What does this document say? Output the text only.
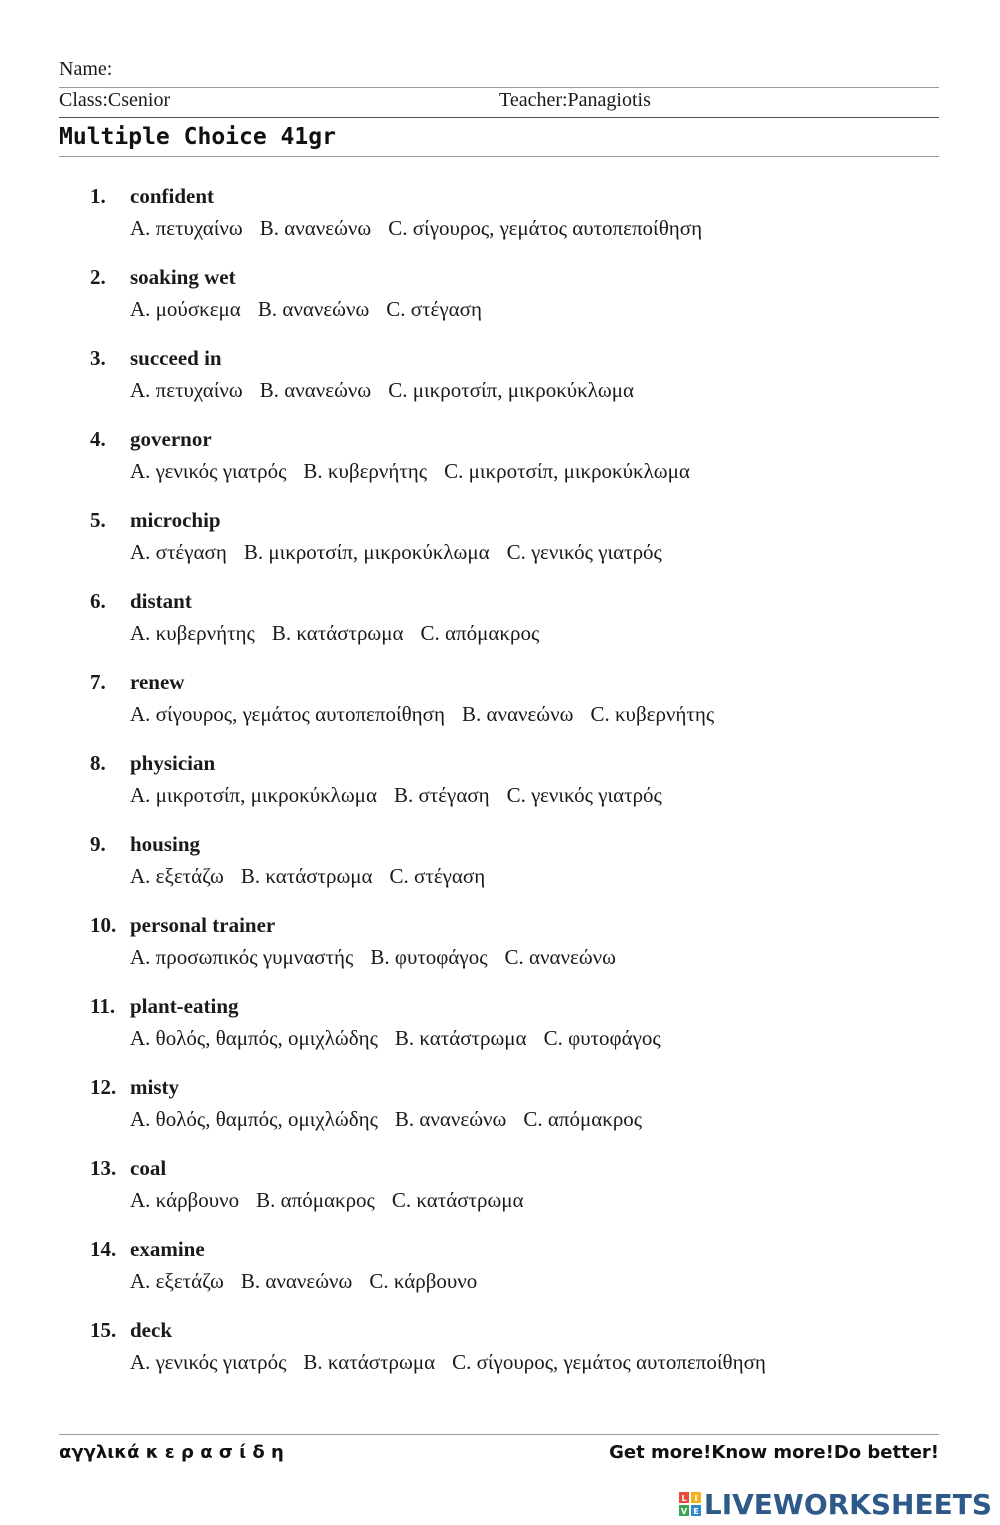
Name:
Class:Csenior	Teacher:Panagiotis
Multiple Choice 41gr
1. confident
A. πετυχαίνω B. ανανεώνω C. σίγουρος, γεμάτος αυτοπεποίθηση
2. soaking wet
A. μούσκεμα B. ανανεώνω C. στέγαση
3. succeed in
A. πετυχαίνω B. ανανεώνω C. μικροτσίπ, μικροκύκλωμα
4. governor
A. γενικός γιατρός B. κυβερνήτης C. μικροτσίπ, μικροκύκλωμα
5. microchip
A. στέγαση B. μικροτσίπ, μικροκύκλωμα C. γενικός γιατρός
6. distant
A. κυβερνήτης B. κατάστρωμα C. απόμακρος
7. renew
A. σίγουρος, γεμάτος αυτοπεποίθηση B. ανανεώνω C. κυβερνήτης
8. physician
A. μικροτσίπ, μικροκύκλωμα B. στέγαση C. γενικός γιατρός
9. housing
A. εξετάζω B. κατάστρωμα C. στέγαση
10. personal trainer
A. προσωπικός γυμναστής B. φυτοφάγος C. ανανεώνω
11. plant-eating
A. θολός, θαμπός, ομιχλώδης B. κατάστρωμα C. φυτοφάγος
12. misty
A. θολός, θαμπός, ομιχλώδης B. ανανεώνω C. απόμακρος
13. coal
A. κάρβουνο B. απόμακρος C. κατάστρωμα
14. examine
A. εξετάζω B. ανανεώνω C. κάρβουνο
15. deck
A. γενικός γιατρός B. κατάστρωμα C. σίγουρος, γεμάτος αυτοπεποίθηση
αγγλικά κ ε ρ α σ ί δ η	Get more!Know more!Do better!
L I
V E LIVEWORKSHEETS
